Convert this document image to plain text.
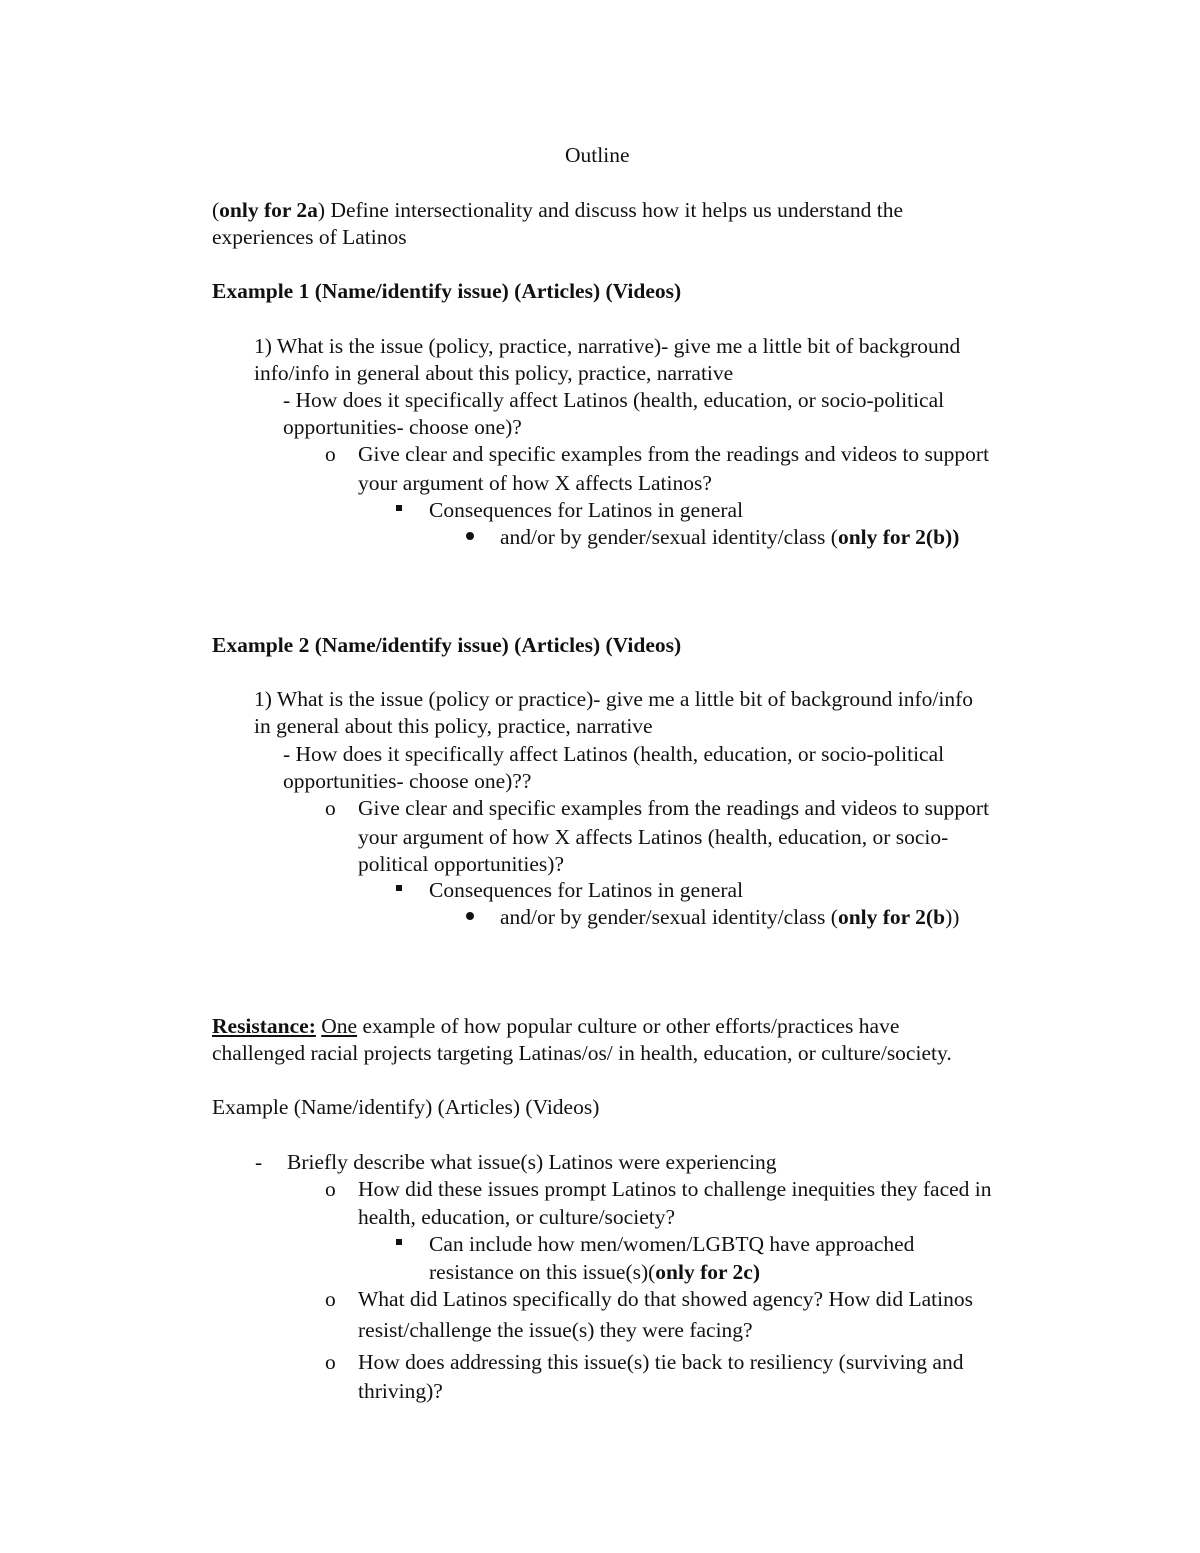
Outline
(only for 2a) Define intersectionality and discuss how it helps us understand the
experiences of Latinos
Example 1 (Name/identify issue) (Articles) (Videos)
1) What is the issue (policy, practice, narrative)- give me a little bit of background
info/info in general about this policy, practice, narrative
- How does it specifically affect Latinos (health, education, or socio-political
opportunities- choose one)?
o Give clear and specific examples from the readings and videos to support
your argument of how X affects Latinos?
Consequences for Latinos in general
and/or by gender/sexual identity/class (only for 2(b))
Example 2 (Name/identify issue) (Articles) (Videos)
1) What is the issue (policy or practice)- give me a little bit of background info/info
in general about this policy, practice, narrative
- How does it specifically affect Latinos (health, education, or socio-political
opportunities- choose one)??
o Give clear and specific examples from the readings and videos to support
your argument of how X affects Latinos (health, education, or socio-
political opportunities)?
Consequences for Latinos in general
and/or by gender/sexual identity/class (only for 2(b))
Resistance: One example of how popular culture or other efforts/practices have
challenged racial projects targeting Latinas/os/ in health, education, or culture/society.
Example (Name/identify) (Articles) (Videos)
- Briefly describe what issue(s) Latinos were experiencing
o How did these issues prompt Latinos to challenge inequities they faced in
health, education, or culture/society?
Can include how men/women/LGBTQ have approached
resistance on this issue(s)(only for 2c)
o What did Latinos specifically do that showed agency? How did Latinos
resist/challenge the issue(s) they were facing?
o How does addressing this issue(s) tie back to resiliency (surviving and
thriving)?
